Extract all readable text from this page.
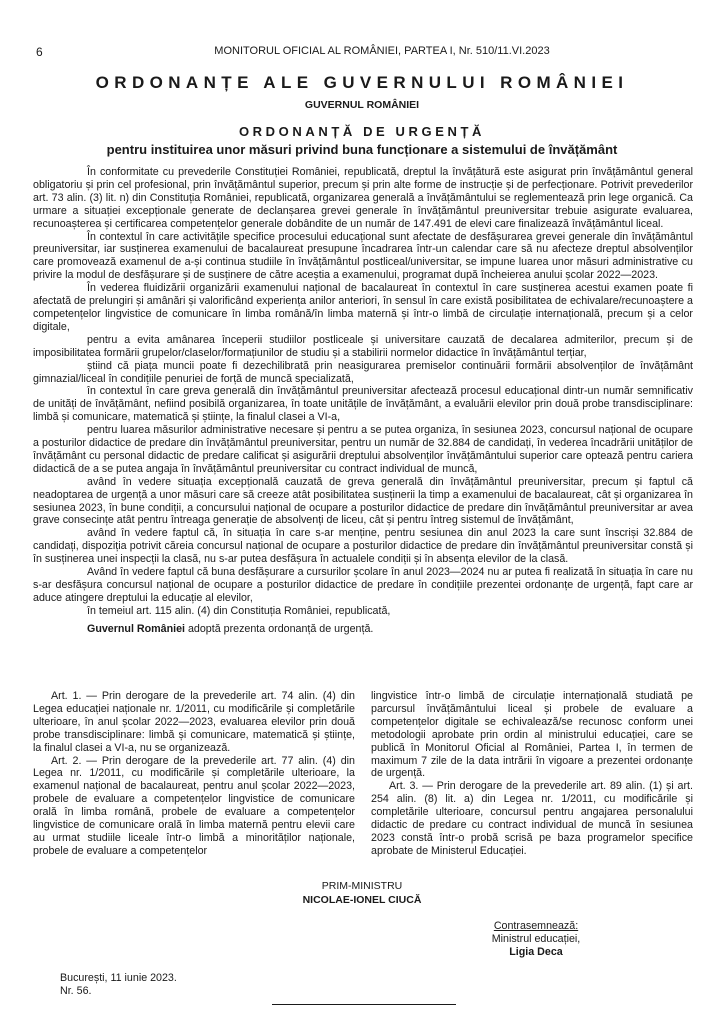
6	MONITORUL OFICIAL AL ROMÂNIEI, PARTEA I, Nr. 510/11.VI.2023
ORDONANȚE ALE GUVERNULUI ROMÂNIEI
GUVERNUL ROMÂNIEI
ORDONANȚĂ DE URGENȚĂ
pentru instituirea unor măsuri privind buna funcționare a sistemului de învățământ

În conformitate cu prevederile Constituției României, republicată, dreptul la învățătură este asigurat prin învățământul general obligatoriu și prin cel profesional, prin învățământul superior, precum și prin alte forme de instrucție și de perfecționare. Potrivit prevederilor art. 73 alin. (3) lit. n) din Constituția României, republicată, organizarea generală a învățământului se reglementează prin lege organică. Ca urmare a situației excepționale generate de declanșarea grevei generale în învățământul preuniversitar trebuie asigurate evaluarea, recunoașterea și certificarea competențelor generale dobândite de un număr de 147.491 de elevi care finalizează învățământul liceal.

În contextul în care activitățile specifice procesului educațional sunt afectate de desfășurarea grevei generale din învățământul preuniversitar, iar susținerea examenului de bacalaureat presupune încadrarea într-un calendar care să nu afecteze dreptul absolvenților care promovează examenul de a-și continua studiile în învățământul postliceal/universitar, se impune luarea unor măsuri administrative cu privire la modul de desfășurare și de susținere de către aceștia a examenului, programat după încheierea anului școlar 2022—2023.

În vederea fluidizării organizării examenului național de bacalaureat în contextul în care susținerea acestui examen poate fi afectată de prelungiri și amânări și valorificând experiența anilor anteriori, în sensul în care există posibilitatea de echivalare/recunoaștere a competențelor lingvistice de comunicare în limba română/în limba maternă și într-o limbă de circulație internațională, precum și a celor digitale,

pentru a evita amânarea începerii studiilor postliceale și universitare cauzată de decalarea admiterilor, precum și de imposibilitatea formării grupelor/claselor/formațiunilor de studiu și a stabilirii normelor didactice în învățământul terțiar,

știind că piața muncii poate fi dezechilibrată prin neasigurarea premiselor continuării formării absolvenților de învățământ gimnazial/liceal în condițiile penuriei de forță de muncă specializată,

în contextul în care greva generală din învățământul preuniversitar afectează procesul educațional dintr-un număr semnificativ de unități de învățământ, nefiind posibilă organizarea, în toate unitățile de învățământ, a evaluării elevilor prin două probe transdisciplinare: limbă și comunicare, matematică și științe, la finalul clasei a VI-a,

pentru luarea măsurilor administrative necesare și pentru a se putea organiza, în sesiunea 2023, concursul național de ocupare a posturilor didactice de predare din învățământul preuniversitar, pentru un număr de 32.884 de candidați, în vederea încadrării unităților de învățământ cu personal didactic de predare calificat și asigurării dreptului absolvenților învățământului superior care optează pentru cariera didactică de a se putea angaja în învățământul preuniversitar cu contract individual de muncă,

având în vedere situația excepțională cauzată de greva generală din învățământul preuniversitar, precum și faptul că neadoptarea de urgență a unor măsuri care să creeze atât posibilitatea susținerii la timp a examenului de bacalaureat, cât și organizarea în sesiunea 2023, în bune condiții, a concursului național de ocupare a posturilor didactice de predare din învățământul preuniversitar ar avea grave consecințe atât pentru întreaga generație de absolvenți de liceu, cât și pentru întreg sistemul de învățământ,

având în vedere faptul că, în situația în care s-ar menține, pentru sesiunea din anul 2023 la care sunt înscriși 32.884 de candidați, dispoziția potrivit căreia concursul național de ocupare a posturilor didactice de predare din învățământul preuniversitar constă și în susținerea unei inspecții la clasă, nu s-ar putea desfășura în actualele condiții și în absența elevilor de la clasă.

Având în vedere faptul că buna desfășurare a cursurilor școlare în anul 2023—2024 nu ar putea fi realizată în situația în care nu s-ar desfășura concursul național de ocupare a posturilor didactice de predare în condițiile prezentei ordonanțe de urgență, fapt care ar aduce atingere dreptului la educație al elevilor,

în temeiul art. 115 alin. (4) din Constituția României, republicată,

Guvernul României adoptă prezenta ordonanță de urgență.

Art. 1. — Prin derogare de la prevederile art. 74 alin. (4) din Legea educației naționale nr. 1/2011, cu modificările și completările ulterioare, în anul școlar 2022—2023, evaluarea elevilor prin două probe transdisciplinare: limbă și comunicare, matematică și științe, la finalul clasei a VI-a, nu se organizează.

Art. 2. — Prin derogare de la prevederile art. 77 alin. (4) din Legea nr. 1/2011, cu modificările și completările ulterioare, la examenul național de bacalaureat, pentru anul școlar 2022—2023, probele de evaluare a competențelor lingvistice de comunicare orală în limba română, probele de evaluare a competențelor lingvistice de comunicare orală în limba maternă pentru elevii care au urmat studiile liceale într-o limbă a minorităților naționale, probele de evaluare a competențelor

lingvistice într-o limbă de circulație internațională studiată pe parcursul învățământului liceal și probele de evaluare a competențelor digitale se echivalează/se recunosc conform unei metodologii aprobate prin ordin al ministrului educației, care se publică în Monitorul Oficial al României, Partea I, în termen de maximum 7 zile de la data intrării în vigoare a prezentei ordonanțe de urgență.

Art. 3. — Prin derogare de la prevederile art. 89 alin. (1) și art. 254 alin. (8) lit. a) din Legea nr. 1/2011, cu modificările și completările ulterioare, concursul pentru angajarea personalului didactic de predare cu contract individual de muncă în sesiunea 2023 constă într-o probă scrisă pe baza programelor specifice aprobate de Ministerul Educației.

PRIM-MINISTRU
NICOLAE-IONEL CIUCĂ
Contrasemnează:
Ministrul educației,
Ligia Deca
București, 11 iunie 2023.
Nr. 56.
